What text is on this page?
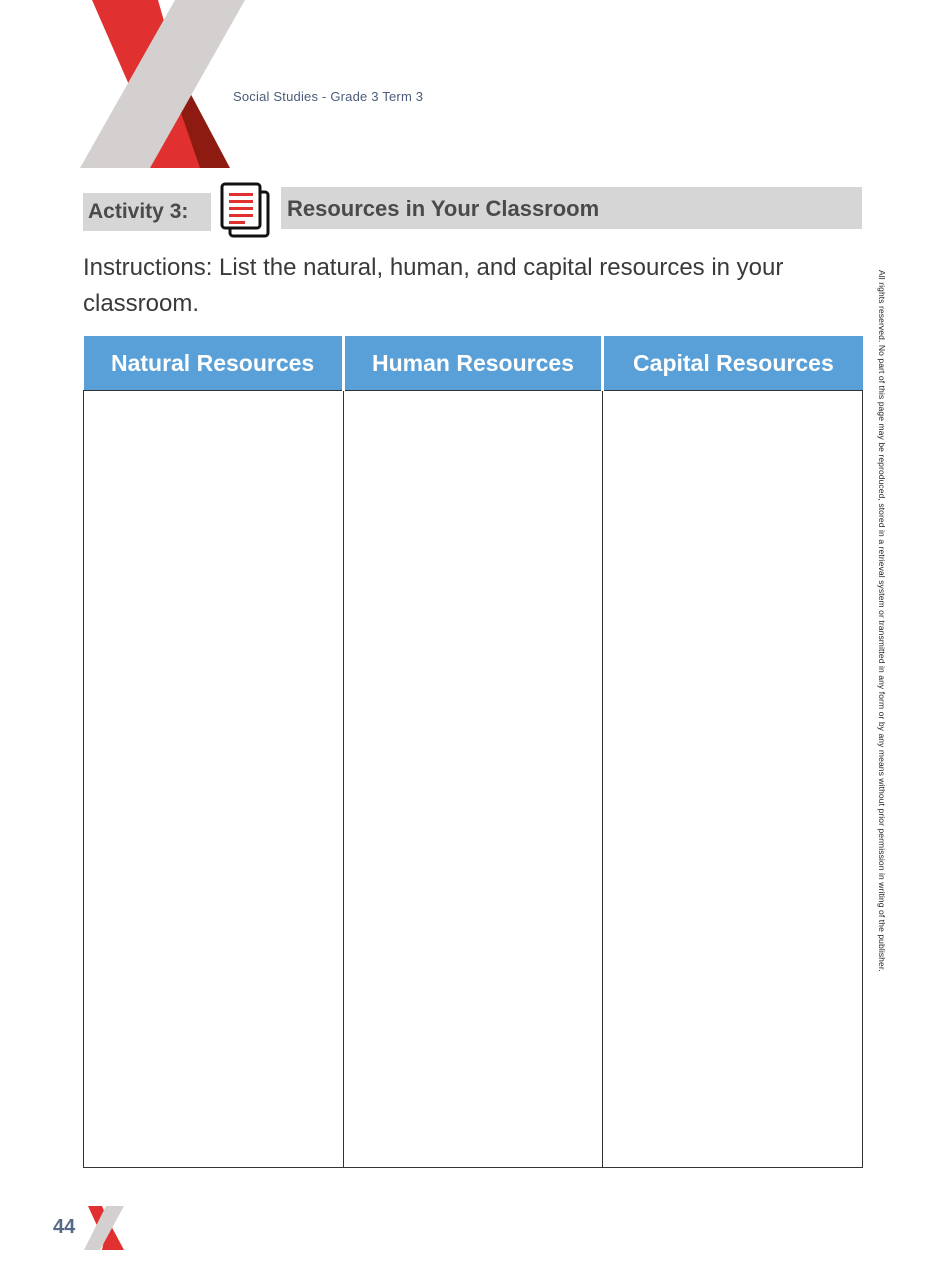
Social Studies - Grade 3 Term 3
Activity 3:	Resources in Your Classroom
Instructions: List the natural, human, and capital resources in your classroom.
Natural Resources	Human Resources	Capital Resources
			All rights reserved. No part of this page may be reproduced, stored in a retrieval system or transmitted in any form or by any means without prior permission in writing of the publisher.
44
